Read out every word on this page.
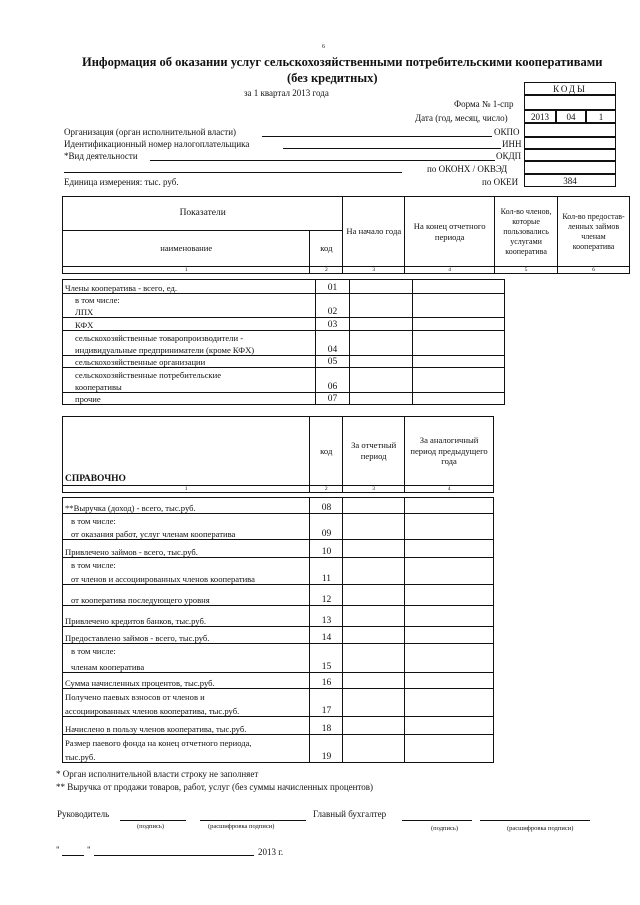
6
Информация об оказании услуг сельскохозяйственными потребительскими кооперативами
(без кредитных)
за 1 квартал 2013 года	КОДЫ
2013	04	1
384
Форма № 1-спр
Дата (год, месяц, число)
Организация (орган исполнительной власти)	ОКПО
Идентификационный номер налогоплательщика	ИНН
*Вид деятельности	ОКДП
по ОКОНХ / ОКВЭД
Единица измерения: тыс. руб.	по ОКЕИ
Показатели		На начало года	На конец отчетного периода	Кол-во членов, которые пользовались услугами кооператива	Кол-во предостав-ленных займов членам кооператива
наименование	код				
1	2	3	4	5	6
Члены кооператива - всего, ед.	01		
в том числе:			
ЛПХ	02		
КФХ	03		
сельскохозяйственные товаропроизводители -			
индивидуальные предприниматели (кроме КФХ)	04		
сельскохозяйственные организации	05		
сельскохозяйственные потребительские			
кооперативы	06		
прочие	07		
СПРАВОЧНО	код	За отчетный период	За аналогичный период предыдущего года
1	2	3	4
**Выручка (доход) - всего, тыс.руб.	08		
в том числе:			
от оказания работ, услуг членам кооператива	09		
Привлечено займов - всего, тыс.руб.	10		
в том числе:			
от членов и ассоциированных членов кооператива	11		
от кооператива последующего уровня	12		
Привлечено кредитов банков, тыс.руб.	13		
Предоставлено займов - всего, тыс.руб.	14		
в том числе:			
членам кооператива	15		
Сумма начисленных процентов, тыс.руб.	16		
Получено паевых взносов от членов и			
ассоциированных членов кооператива, тыс.руб.	17		
Начислено в пользу членов кооператива, тыс.руб.	18		
Размер паевого фонда на конец отчетного периода,			
тыс.руб.	19		
* Орган исполнительной власти строку не заполняет
** Выручка от продажи товаров, работ, услуг (без суммы начисленных процентов)
Руководитель
(подпись)	(расшифровка подписи)
Главный бухгалтер
(подпись)	(расшифровка подписи)
"	"	2013 г.
